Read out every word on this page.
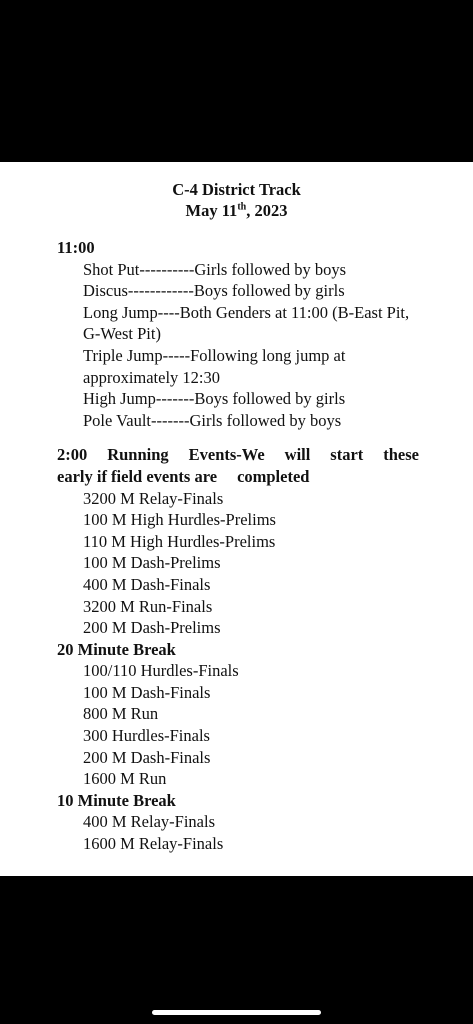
C-4 District Track
May 11th, 2023
11:00
Shot Put----------Girls followed by boys
Discus------------Boys followed by girls
Long Jump----Both Genders at 11:00 (B-East Pit, G-West Pit)
Triple Jump-----Following long jump at approximately 12:30
High Jump-------Boys followed by girls
Pole Vault-------Girls followed by boys
2:00 Running Events-We will start these
early if field events are completed
3200 M Relay-Finals
100 M High Hurdles-Prelims
110 M High Hurdles-Prelims
100 M Dash-Prelims
400 M Dash-Finals
3200 M Run-Finals
200 M Dash-Prelims
20 Minute Break
100/110 Hurdles-Finals
100 M Dash-Finals
800 M Run
300 Hurdles-Finals
200 M Dash-Finals
1600 M Run
10 Minute Break
400 M Relay-Finals
1600 M Relay-Finals
